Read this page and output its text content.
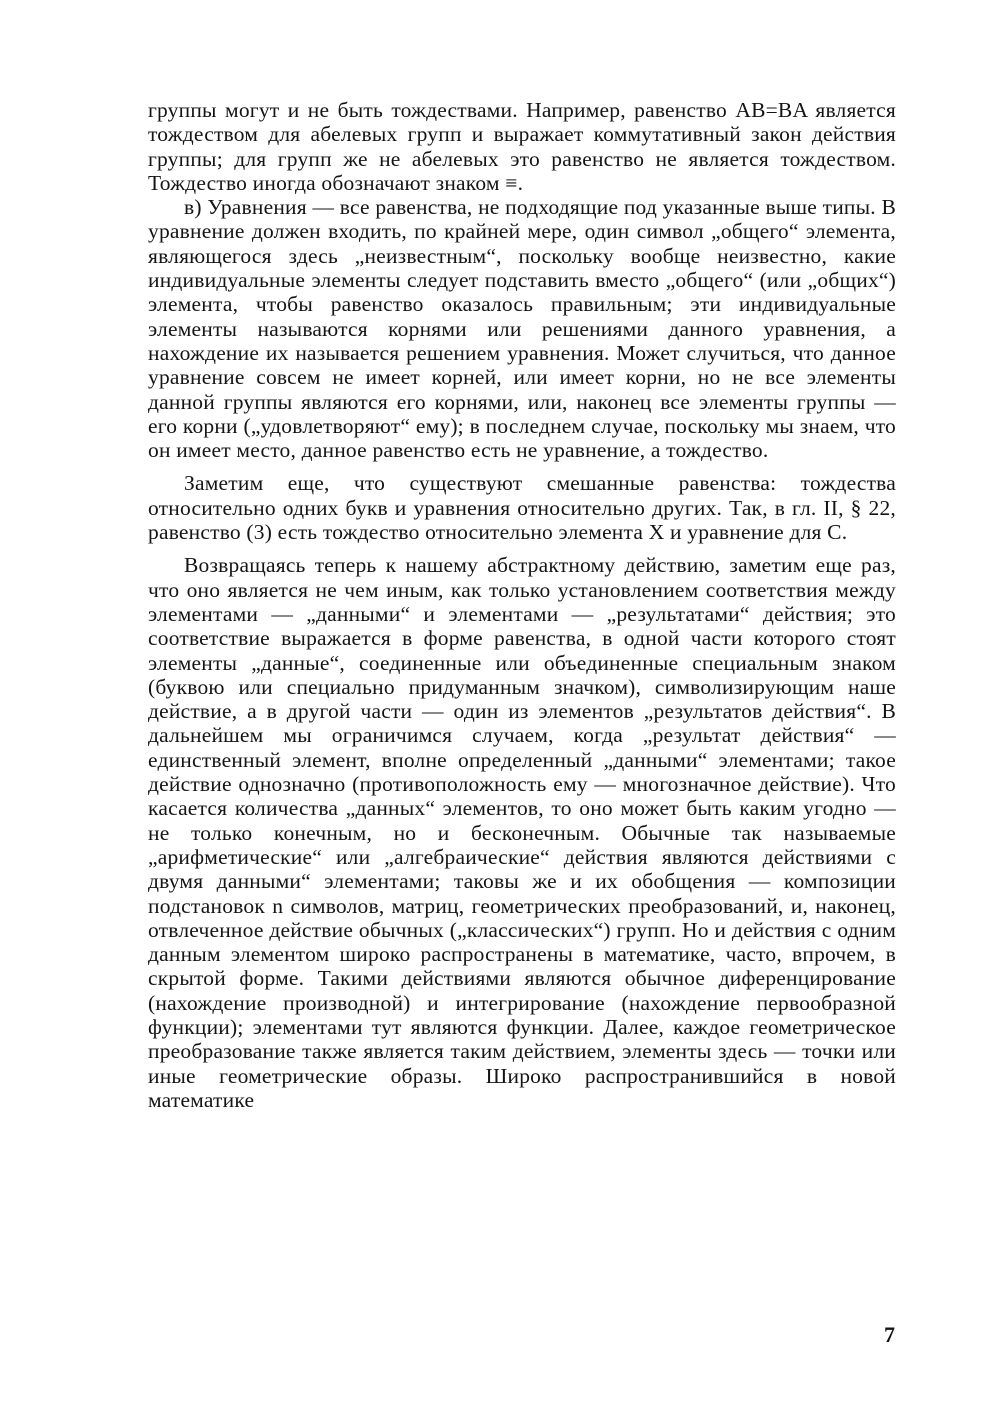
группы могут и не быть тождествами. Например, равенство AB=BA является тождеством для абелевых групп и выражает коммутативный закон действия группы; для групп же не абелевых это равенство не является тождеством. Тождество иногда обозначают знаком ≡.

в) Уравнения — все равенства, не подходящие под указанные выше типы. В уравнение должен входить, по крайней мере, один символ „общего“ элемента, являющегося здесь „неизвестным“, поскольку вообще неизвестно, какие индивидуальные элементы следует подставить вместо „общего“ (или „общих“) элемента, чтобы равенство оказалось правильным; эти индивидуальные элементы называются корнями или решениями данного уравнения, а нахождение их называется решением уравнения. Может случиться, что данное уравнение совсем не имеет корней, или имеет корни, но не все элементы данной группы являются его корнями, или, наконец все элементы группы — его корни („удовлетворяют“ ему); в последнем случае, поскольку мы знаем, что он имеет место, данное равенство есть не уравнение, а тождество.

Заметим еще, что существуют смешанные равенства: тождества относительно одних букв и уравнения относительно других. Так, в гл. II, § 22, равенство (3) есть тождество относительно элемента X и уравнение для C.

Возвращаясь теперь к нашему абстрактному действию, заметим еще раз, что оно является не чем иным, как только установлением соответствия между элементами — „данными“ и элементами — „результатами“ действия; это соответствие выражается в форме равенства, в одной части которого стоят элементы „данные“, соединенные или объединенные специальным знаком (буквою или специально придуманным значком), символизирующим наше действие, а в другой части — один из элементов „результатов действия“. В дальнейшем мы ограничимся случаем, когда „результат действия“ — единственный элемент, вполне определенный „данными“ элементами; такое действие однозначно (противоположность ему — многозначное действие). Что касается количества „данных“ элементов, то оно может быть каким угодно — не только конечным, но и бесконечным. Обычные так называемые „арифметические“ или „алгебраические“ действия являются действиями с двумя данными“ элементами; таковы же и их обобщения — композиции подстановок n символов, матриц, геометрических преобразований, и, наконец, отвлеченное действие обычных („классических“) групп. Но и действия с одним данным элементом широко распространены в математике, часто, впрочем, в скрытой форме. Такими действиями являются обычное диференцирование (нахождение производной) и интегрирование (нахождение первообразной функции); элементами тут являются функции. Далее, каждое геометрическое преобразование также является таким действием, элементы здесь — точки или иные геометрические образы. Широко распространившийся в новой математике

7
